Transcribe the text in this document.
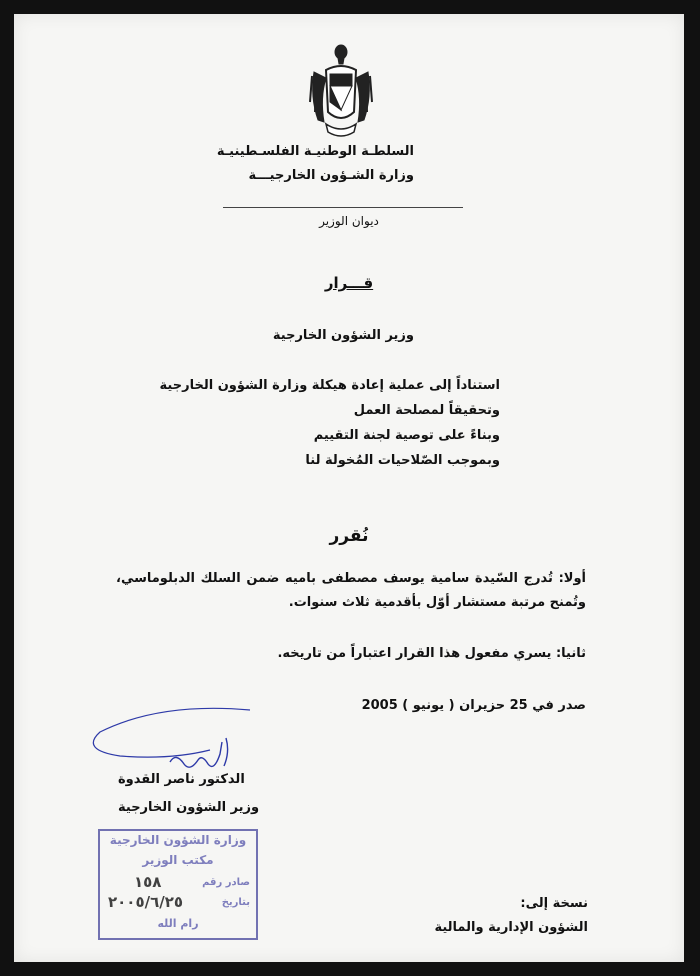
السلطـة الوطنيـة الفلسـطينيـة
وزارة الشـؤون الخارجيـــة
ديوان الوزير
قـــرار
وزير الشؤون الخارجية
استناداً إلى عملية إعادة هيكلة وزارة الشؤون الخارجية
وتحقيقاً لمصلحة العمل
وبناءً على توصية لجنة التقييم
وبموجب الصّلاحيات المُخولة لنا
نُقرر
أولا: تُدرج السّيدة سامية يوسف مصطفى باميه ضمن السلك الدبلوماسي، وتُمنح مرتبة مستشار أوّل بأقدمية ثلاث سنوات.
ثانيا: يسري مفعول هذا القرار اعتباراً من تاريخه.
صدر في 25 حزيران ( يونيو ) 2005
الدكتور ناصر القدوة
وزير الشؤون الخارجية
وزارة الشؤون الخارجية
مكتب الوزير
صادر رقم
١٥٨
بتاريخ
٢٠٠٥/٦/٢٥
رام الله
نسخة إلى:
الشؤون الإدارية والمالية
